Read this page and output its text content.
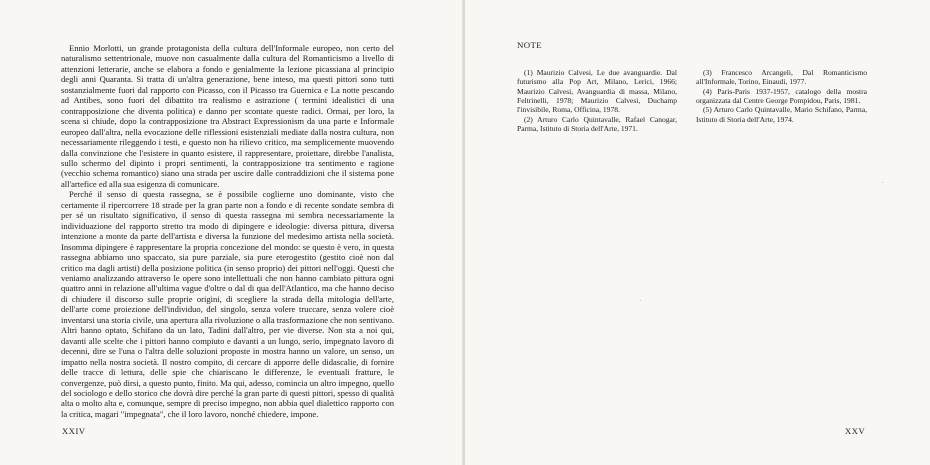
Ennio Morlotti, un grande protagonista della cultura dell'Informale europeo, non certo del naturalismo settentrionale, muove non casualmente dalla cultura del Romanticismo a livello di attenzioni letterarie, anche se elabora a fondo e genialmente la lezione picassiana al principio degli anni Quaranta. Si tratta di un'altra generazione, bene inteso, ma questi pittori sono tutti sostanzialmente fuori dal rapporto con Picasso, con il Picasso tra Guernica e La notte pescando ad Antibes, sono fuori del dibattito tra realismo e astrazione ( termini idealistici di una contrapposizione che diventa politica) e danno per scontate queste radici. Ormai, per loro, la scena si chiude, dopo la contrapposizione tra Abstract Expressionism da una parte e Informale europeo dall'altra, nella evocazione delle riflessioni esistenziali mediate dalla nostra cultura, non necessariamente rileggendo i testi, e questo non ha rilievo critico, ma semplicemente muovendo dalla convinzione che l'esistere in quanto esistere, il rappresentare, proiettare, direbbe l'analista, sullo schermo del dipinto i propri sentimenti, la contrapposizione tra sentimento e ragione (vecchio schema romantico) siano una strada per uscire dalle contraddizioni che il sistema pone all'artefice ed alla sua esigenza di comunicare.

Perché il senso di questa rassegna, se è possibile coglierne uno dominante, visto che certamente il ripercorrere 18 strade per la gran parte non a fondo e di recente sondate sembra di per sé un risultato significativo, il senso di questa rassegna mi sembra necessariamente la individuazione del rapporto stretto tra modo di dipingere e ideologie: diversa pittura, diversa intenzione a monte da parte dell'artista e diversa la funzione del medesimo artista nella società. Insomma dipingere è rappresentare la propria concezione del mondo: se questo è vero, in questa rassegna abbiamo uno spaccato, sia pure parziale, sia pure eterogestito (gestito cioè non dal critico ma dagli artisti) della posizione politica (in senso proprio) dei pittori nell'oggi. Questi che veniamo analizzando attraverso le opere sono intellettuali che non hanno cambiato pittura ogni quattro anni in relazione all'ultima vague d'oltre o dal di qua dell'Atlantico, ma che hanno deciso di chiudere il discorso sulle proprie origini, di scegliere la strada della mitologia dell'arte, dell'arte come proiezione dell'individuo, del singolo, senza volere truccare, senza volere cioè inventarsi una storia civile, una apertura alla rivoluzione o alla trasformazione che non sentivano. Altri hanno optato, Schifano da un lato, Tadini dall'altro, per vie diverse. Non sta a noi qui, davanti alle scelte che i pittori hanno compiuto e davanti a un lungo, serio, impegnato lavoro di decenni, dire se l'una o l'altra delle soluzioni proposte in mostra hanno un valore, un senso, un impatto nella nostra società. Il nostro compito, di cercare di apporre delle didascalie, di fornire delle tracce di lettura, delle spie che chiariscano le differenze, le eventuali fratture, le convergenze, può dirsi, a questo punto, finito. Ma qui, adesso, comincia un altro impegno, quello del sociologo e dello storico che dovrà dire perché la gran parte di questi pittori, spesso di qualità alta o molto alta e, comunque, sempre di preciso impegno, non abbia quel dialettico rapporto con la critica, magari "impegnata", che il loro lavoro, nonché chiedere, impone.

XXIV
NOTE

(1) Maurizio Calvesi, Le due avanguardie. Dal futurismo alla Pop Art, Milano, Lerici, 1966; Maurizio Calvesi, Avanguardia di massa, Milano, Feltrinelli, 1978; Maurizio Calvesi, Duchamp l'invisibile, Roma, Officina, 1978.

(2) Arturo Carlo Quintavalle, Rafael Canogar, Parma, Istituto di Storia dell'Arte, 1971.

(3) Francesco Arcangeli, Dal Romanticismo all'Informale, Torino, Einaudi, 1977.

(4) Paris-Paris 1937-1957, catalogo della mostra organizzata dal Centre George Pompidou, Paris, 1981.

(5) Arturo Carlo Quintavalle, Mario Schifano, Parma, Istituto di Storia dell'Arte, 1974.

XXV
